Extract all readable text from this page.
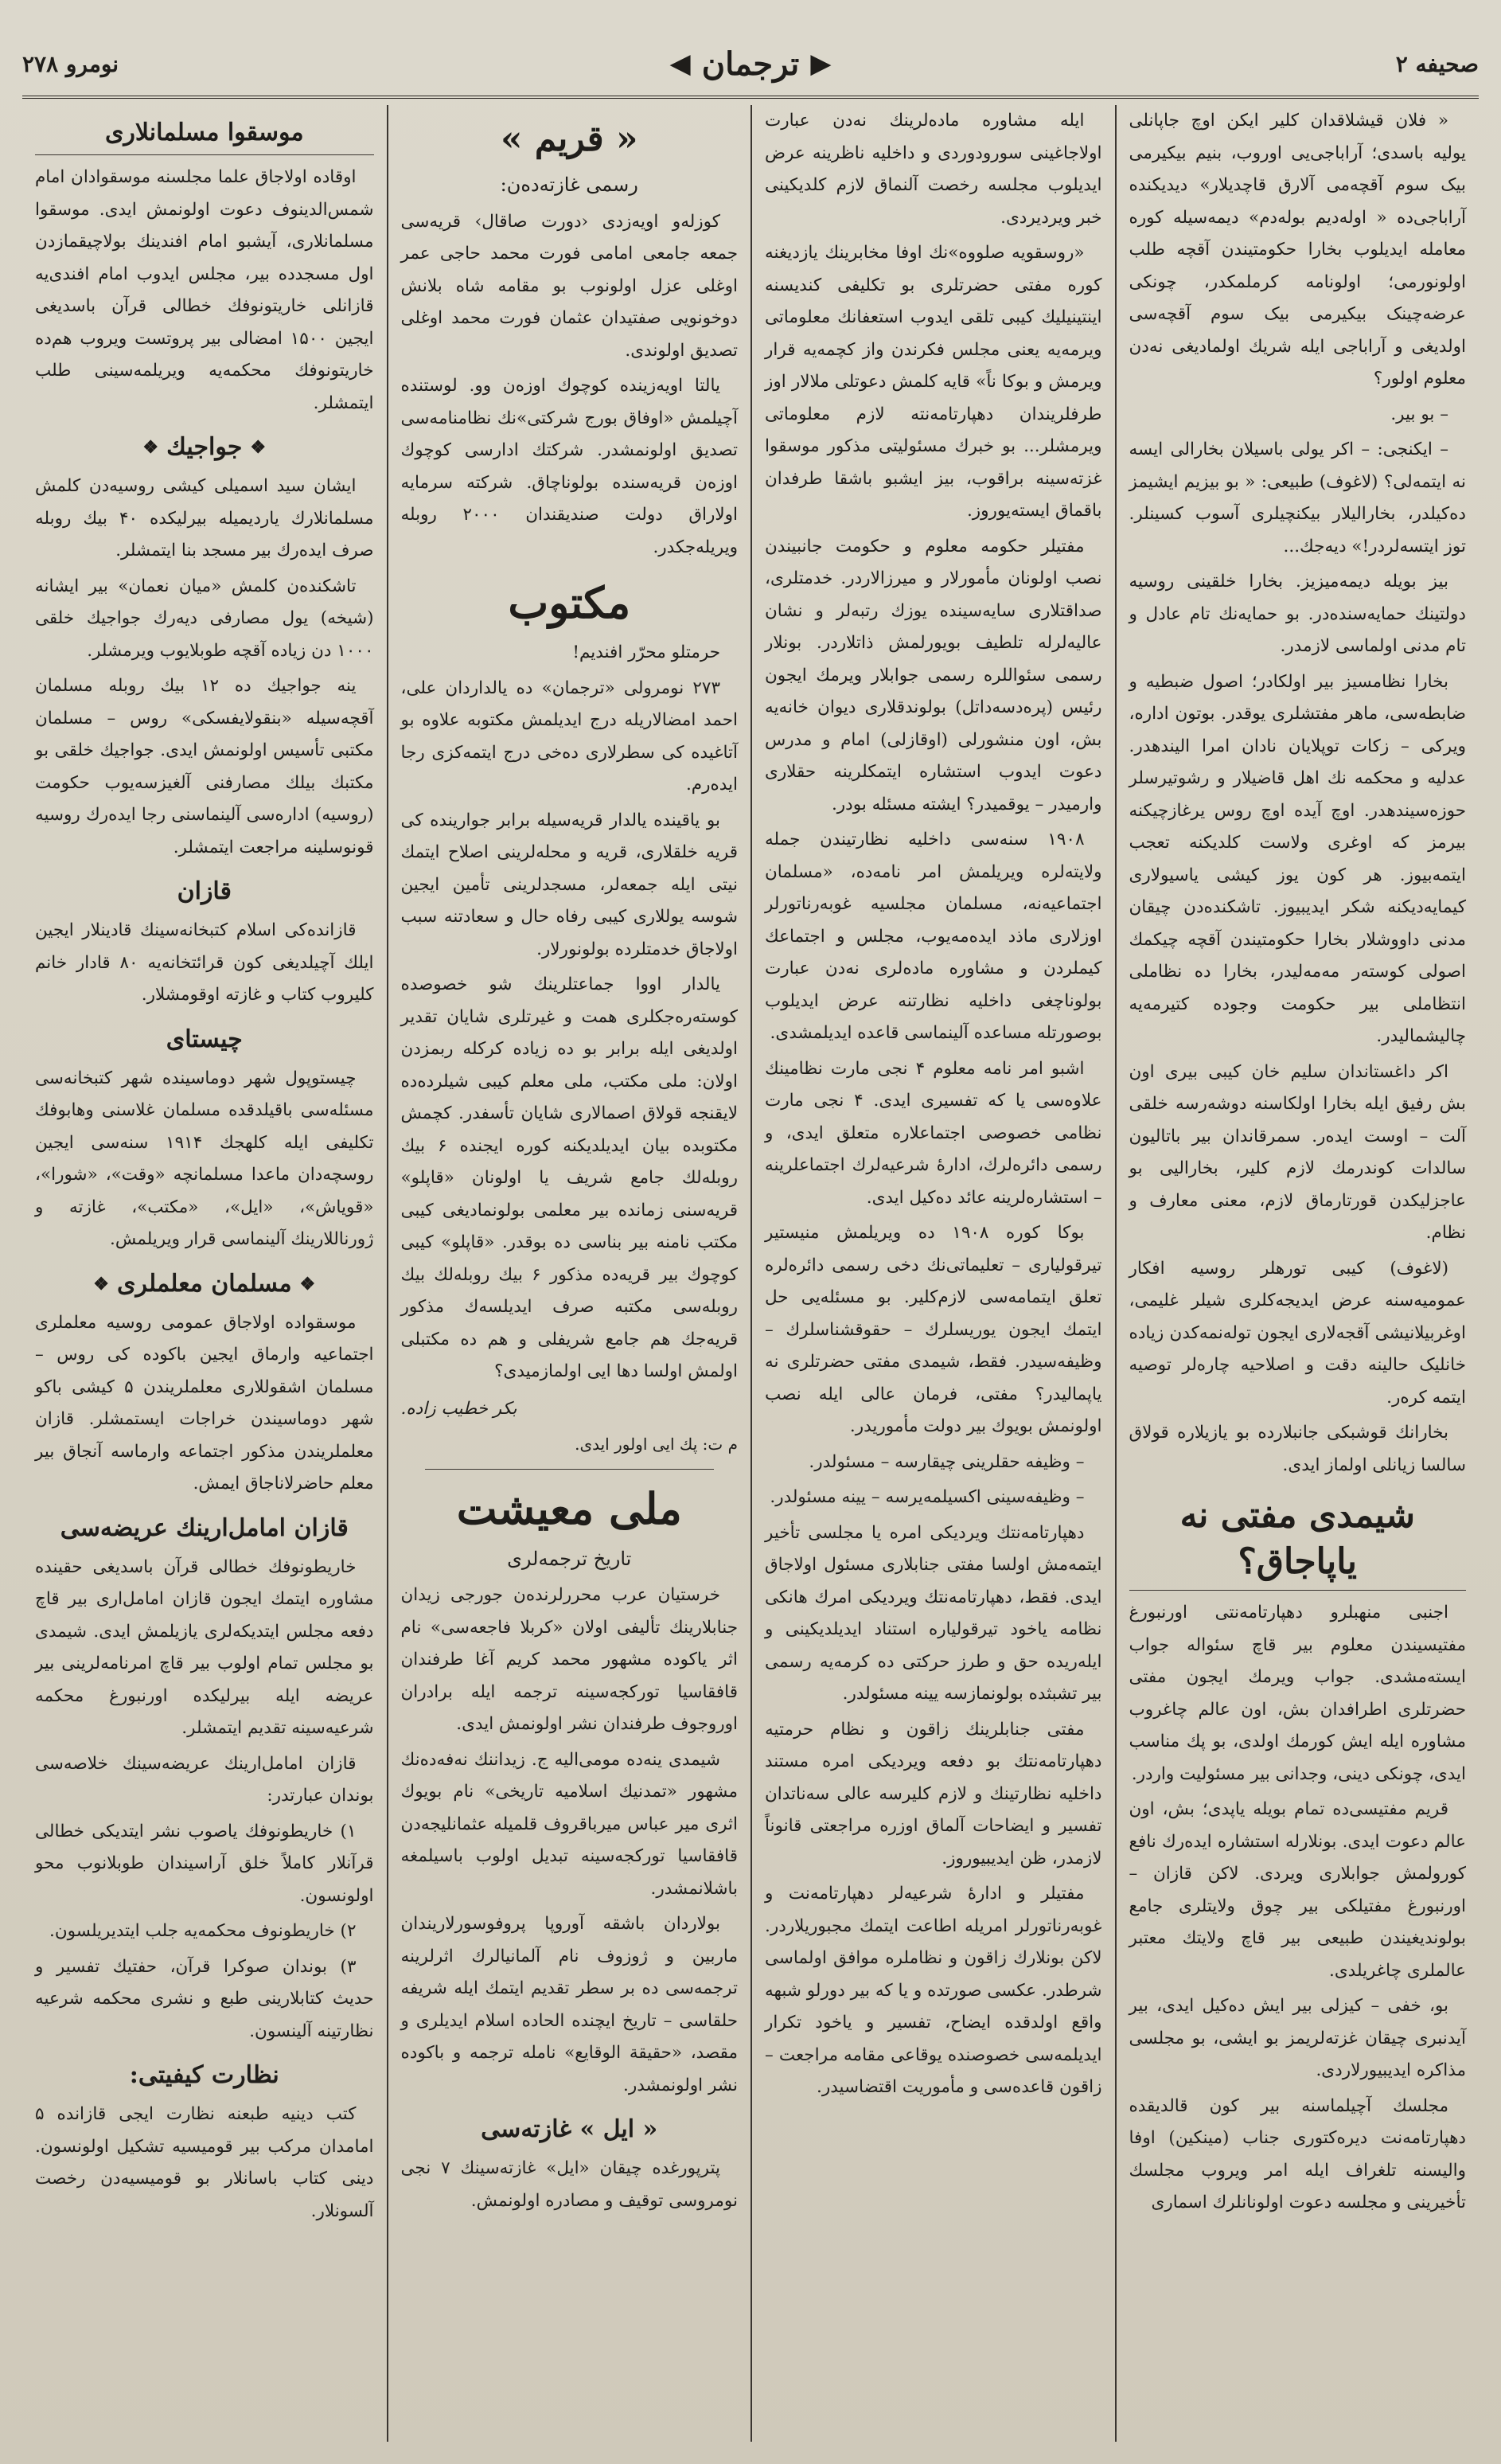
صحیفه ۲
▶
ترجمان
◀
نومرو ۲۷۸

« فلان قیشلاقدان کلیر ایکن اوچ جاپانلی یولیه باسدی؛ آراباجی‌یی اوروب، بنیم بیکیرمی بیک سوم آقچه‌می آلارق قاچدیلار» دیدیکنده آراباجی‌ده « اوله‌دیم بوله‌دم» دیمه‌سیله کوره معامله ایدیلوب بخارا حکومتیندن آقچه طلب اولونورمی؛ اولونامه کرملمکدر، چونکی عرضه‌چینک بیکیرمی بیک سوم آقچه‌سی اولدیغی و آراباجی ایله شریك اولمادیغی نه‌دن معلوم اولور؟

– بو بیر.

– ایکنجی: – اکر یولی باسیلان بخارالی ایسه نه ایتمه‌لی؟ (لاغوف) طبیعی: « بو بیزیم ایشیمز ده‌کیلدر، بخارالیلار بیکنچیلری آسوب کسینلر. توز ایتسه‌لر‌در!» دیه‌جك...

بیز بویله دیمه‌میزیز. بخارا خلقینی روسیه دولتینك حمایه‌سنده‌در. بو حمایه‌نك تام عادل و تام مدنی اولماسی لازمدر.

بخارا نظامسیز بیر اولکادر؛ اصول ضبطیه و ضابطه‌سی، ماهر مفتشلری یوقدر. بوتون اداره، ویرکی – زکات توپلایان نادان امرا الیندهدر. عدلیه و محکمه نك اهل قاضیلار و رشوتیرسلر حوزه‌سیندهدر. اوچ آیده اوچ روس یرغازچیکنه بیرمز که اوغری ولاست کلدیکنه تعجب ایتمه‌بیوز. هر کون یوز کیشی یاسیولاری کیمایه‌دیکنه شکر ایدیبیوز. تاشکنده‌دن چیقان مدنی داووشلار بخارا حکومتیندن آقچه چیکمك اصولی کوسته‌ر مه‌مه‌لیدر، بخارا ده نظاملی انتظاملی بیر حکومت وجوده کتیرمه‌یه چالیشمالیدر.

اکر داغستاندان سلیم خان کیبی بیری اون بش رفیق ایله بخارا اولکاسنه دوشه‌رسه خلقی آلت – اوست ایده‌ر. سمرقاندان بیر باتالیون سالدات کوندرمك لازم کلیر، بخارالیی بو عاجزلیکدن قورتارماق لازم، معنی معارف و نظام.

(لاغوف) کیبی تورهلر روسیه افکار عمومیه‌سنه عرض ایدیجه‌کلری شیلر غلیمی، اوغربیلانیشی آقجه‌لاری ایجون توله‌نمه‌کدن زیاده خانلیک حالینه دقت و اصلاحیه چاره‌لر توصیه ایتمه کره‌ر.

بخارانك قوشبکی جانبلارده بو یازیلاره قولاق سالسا زیانلی اولماز ایدی.

شیمدی مفتی نه یاپاجاق؟

اجنبی منهبلرو دهپارتامه‌نتی اورنبورغ مفتیسیندن معلوم بیر قاچ سئواله جواب ایسته‌مشدی. جواب ویرمك ایجون مفتی حضرتلری اطرافدان بش، اون عالم چاغروب مشاوره ایله ایش کورمك اولدی، بو پك مناسب ایدی، چونکی دینی، وجدانی بیر مسئولیت واردر.

قریم مفتیسی‌ده تمام بویله یاپدی؛ بش، اون عالم دعوت ایدی. بونلارله استشاره ایده‌رك نافع کورولمش جوابلاری ویردی. لاکن قازان – اورنبورغ مفتیلکی بیر چوق ولایتلری جامع بولوندیغیندن طبیعی بیر قاچ ولایتك معتبر عالملری چاغریلدی.

بو، خفی – کیزلی بیر ایش ده‌کیل ایدی، بیر آیدنبری چیقان غزته‌لریمز بو ایشی، بو مجلسی مذاکره ایدیبیورلاردی.

مجلسك آچیلماسنه بیر کون قالدیقده دهپارتامه‌نت دیره‌کتوری جناب (مینکین) اوفا والیسنه تلغراف ایله امر ویروب مجلسك تأخیرینی و مجلسه دعوت اولونانلرك اسماری

ایله مشاوره ماده‌لرینك نه‌دن عبارت اولاجاغینی سورودوردی و داخلیه ناظرینه عرض ایدیلوب مجلسه رخصت آلنماق لازم کلدیکینی خبر ویردیردی.

«روسقویه صلووه»نك اوفا مخابرینك یازدیغنه کوره مفتی حضرتلری بو تکلیفی کندیسنه اینتینیلیك کیبی تلقی ایدوب استعفانك معلوماتی ویرمه‌یه یعنی مجلس فکرندن واز کچمه‌یه قرار ویرمش و بوکا ناً» قایه کلمش دعوتلی ملالار اوز طرفلریندان دهپارتامه‌نته لازم معلوماتی ویرمشلر... بو خبرك مسئولیتی مذکور موسقوا غزته‌سینه براقوب، بیز ایشبو باشقا طرفدان باقماق ایسته‌یوروز.

مفتیلر حکومه معلوم و حکومت جانبیندن نصب اولونان مأمورلار و میرزالاردر. خدمتلری، صداقتلاری سایه‌سینده یوزك رتبه‌لر و نشان عالیه‌لرله تلطیف بویورلمش ذاتلاردر. بونلار رسمی سئواللره رسمی جوابلار ویرمك ایجون رئیس (پره‌دسه‌داتل) بولوندقلاری دیوان خانه‌یه بش، اون منشورلی (اوقازلی) امام و مدرس دعوت ایدوب استشاره ایتمکلرینه حقلاری وارمیدر – یوقمیدر؟ ایشته مسئله بودر.

۱۹۰۸ سنه‌سی داخلیه نظارتیندن جمله ولایته‌لره ویریلمش امر نامه‌ده، «مسلمان اجتماعیه‌نه، مسلمان مجلسیه غوبه‌رناتورلر اوزلاری ماذد ایده‌مه‌یوب، مجلس و اجتماعك کیملر‌دن و مشاوره ماده‌لری نه‌دن عبارت بولوناچغی داخلیه نظارتنه عرض ایدیلوب بوصورتله مساعده آلینماسی قاعده ایدیلمشدی.

اشبو امر نامه معلوم ۴ نجی مارت نظامینك علاوه‌سی یا که تفسیری ایدی. ۴ نجی مارت نظامی خصوصی اجتماعلاره متعلق ایدی، و رسمی دائره‌لرك، ادارهٔ شرعیه‌لرك اجتماعلرینه – استشاره‌لرینه عائد ده‌کیل ایدی.

بوکا کوره ۱۹۰۸ ده ویریلمش منیستیر تیرقولیاری – تعلیماتی‌نك دخی رسمی دائره‌لره تعلق ایتمامه‌سی لازم‌کلیر. بو مسئله‌یی حل ایتمك ایجون یوریسلرك – حقوقشناسلرك – وظیفه‌سیدر. فقط، شیمدی مفتی حضرتلری نه یاپمالیدر؟ مفتی، فرمان عالی ایله نصب اولونمش بویوك بیر دولت مأموریدر.

– وظیفه حقلرینی چیقارسه – مسئولدر.

– وظیفه‌سینی اکسیلمه‌یرسه – یینه مسئولدر.

دهپارتامه‌نتك ویردیکی امره یا مجلسی تأخیر ایتمه‌مش اولسا مفتی جنابلاری مسئول اولاجاق ایدی. فقط، دهپارتامه‌نتك ویردیکی امرك هانکی نظامه یاخود تیرقولیاره استناد ایدیلدیکینی و ایله‌ریده حق و طرز حرکتی ده کرمه‌یه رسمی بیر تشبثده بولونمازسه یینه مسئولدر.

مفتی جنابلرینك زاقون و نظام حرمتیه دهپارتامه‌نتك بو دفعه ویردیکی امره مستند داخلیه نظارتینك و لازم کلیرسه عالی سه‌ناتدان تفسیر و ایضاحات آلماق اوزره مراجعتی قانوناً لازمدر، ظن ایدیبیوروز.

مفتیلر و اداره‌ٔ شرعیه‌لر دهپارتامه‌نت و غوبه‌رناتورلر امریله اطاعت ایتمك مجبوریلاردر. لاکن بونلارك زاقون و نظاملره موافق اولماسی شرطدر. عکسی صورتده و یا که بیر دورلو شبهه واقع اولدقده ایضاح، تفسیر و یاخود تکرار ایدیلمه‌سی خصوصنده یوقاعی مقامه مراجعت – زاقون قاعده‌سی و مأموریت اقتضاسیدر.

« قریم »
رسمی غازته‌ده‌ن:

کوزله‌و اویه‌زدی ‹دورت صاقال› قریه‌سی جمعه جامعی امامی فورت محمد حاجی عمر اوغلی عزل اولونوب بو مقامه شاه بلانش دوخونویی صفتیدان عثمان فورت محمد اوغلی تصدیق اولوندی.

یالتا اویه‌زینده کوچوك اوزه‌ن وو. لوستنده آچیلمش «اوفاق بورج شرکتی»نك نظامنامه‌سی تصدیق اولونمشدر. شرکتك ادارسی کوچوك اوزه‌ن قریه‌سنده بولوناچاق. شرکته سرمایه اولاراق دولت صندیقندان ۲۰۰۰ روبله ویریله‌جکدر.

مکتوب

حرمتلو محرّر افندیم!

۲۷۳ نومرولی «ترجمان» ده یالداردان علی، احمد امضالاریله درج ایدیلمش مکتوبه علاوه بو آتاغیده کی سطرلاری ده‌خی درج ایتمه‌کزی رجا ایده‌رم.

بو یاقینده یالدار قریه‌سیله برابر جوارینده کی قریه خلقلاری، قریه و محله‌لرینی اصلاح ایتمك نیتی ایله جمعه‌لر، مسجدلرینی تأمین ایجین شوسه یوللاری کیبی رفاه حال و سعادتنه سبب اولاجاق خدمتلرده بولونورلار.

یالدار اووا جماعتلرینك شو خصوصده کوسته‌ره‌جکلری همت و غیرتلری شایان تقدیر اولدیغی ایله برابر بو ده زیاده کرکله ربمزدن اولان: ملی مکتب، ملی معلم کیبی شیلرده‌ده لایقنجه قولاق اصمالاری شایان تأسفدر. کچمش مکتوبده بیان ایدیلدیکنه کوره ایجنده ۶ بیك روبله‌لك جامع شریف یا اولونان «قاپلو» قریه‌سنی زمانده بیر معلمی بولونمادیغی کیبی مکتب نامنه بیر بناسی ده بوقدر. «قاپلو» کیبی کوچوك بیر قریه‌ده مذکور ۶ بیك روبله‌لك بیك روبله‌سی مکتبه صرف ایدیلسه‌ك مذکور قریه‌جك هم جامع شریفلی و هم ده مکتبلی اولمش اولسا دها ایی اولمازمیدی؟

بکر خطیب زاده.
م ت: پك ایی اولور ایدی.
ملی معیشت
تاریخ ترجمه‌لری

خرستیان عرب محررلرنده‌ن جورجی زیدان جنابلارینك تألیفی اولان «کربلا فاجعه‌سی» نام اثر یاکوده مشهور محمد کریم آغا طرفندان قافقاسیا تورکجه‌سینه ترجمه ایله برادران اوروجوف طرفندان نشر اولونمش ایدی.

شیمدی ینه‌ده مومی‌الیه ج. زیداننك نه‌فه‌ده‌نك مشهور «تمدنیك اسلامیه تاریخی» نام بویوك اثری میر عباس میرباقروف قلمیله عثمانلیجه‌دن قافقاسیا تورکجه‌سینه تبدیل اولوب باسیلمغه باشلانمشدر.

بولاردان باشقه آوروپا پروفوسورلاریندان ماربین و ژوزوف نام آلمانیالرك اثرلرینه ترجمه‌سی ده بر سطر تقدیم ایتمك ایله شریفه حلقاسی – تاریخ ایچنده الحاده اسلام ایدیلری و مقصد، «حقیقة الوقایع» نامله ترجمه و باکوده نشر اولونمشدر.

« ایل » غازته‌سی

پترپورغده چیقان «ایل» غازته‌سینك ۷ نجی نومروسی توقیف و مصادره اولونمش.

موسقوا مسلمانلاری

اوقاده اولاجاق علما مجلسنه موسقوادان امام شمس‌الدینوف دعوت اولونمش ایدی. موسقوا مسلمانلاری، آیشبو امام افندینك بولاچیقماز‌دن اول مسجدده بیر، مجلس ایدوب امام افندی‌یه قازانلی خاریتونوفك خطالی قرآن باسدیغی ایجین ۱۵۰۰ امضالی بیر پروتست ویروب هم‌ده خاریتونوفك محکمه‌یه ویریلمه‌سینی طلب ایتمشلر.

❖
جواجیك
❖

ایشان سید اسمیلی کیشی روسیه‌دن کلمش مسلمانلارك یاردیمیله بیرلیکده ۴۰ بیك روبله صرف ایده‌رك بیر مسجد بنا ایتمشلر.

تاشکنده‌ن کلمش «میان نعمان» بیر ایشانه (شیخه) یول مصارفی دیه‌رك جواجیك خلقی ۱۰۰۰ دن زیاده آقچه طوبلایوب ویرمشلر.

ینه جواجیك ده ۱۲ بیك روبله مسلمان آقچه‌سیله «بنقولایفسکی» روس – مسلمان مکتبی تأسیس اولونمش ایدی. جواجیك خلقی بو مکتبك بیلك مصارفنی آلغیزسه‌یوب حکومت (روسیه) اداره‌سی آلینماسنی رجا ایده‌رك روسیه قونوسلینه مراجعت ایتمشلر.

قازان

قازانده‌کی اسلام کتبخانه‌سینك قادینلار ایجین ایلك آچیلدیغی کون قرائتخانه‌یه ۸۰ قادار خانم کلیروب کتاب و غازته اوقومشلار.

چیستای

چیستوپول شهر دوماسینده شهر کتبخانه‌سی مسئله‌سی باقیلدقده مسلمان غلاسنی وهابوفك تکلیفی ایله کلهجك ۱۹۱۴ سنه‌سی ایجین روسچه‌دان ماعدا مسلمانچه «وقت»، «شورا»، «قویاش»، «ایل»، «مکتب»، غازته و ژورناللارینك آلینماسی قرار ویریلمش.

❖
مسلمان معلملری
❖

موسقواده اولاجاق عمومی روسیه معلملری اجتماعیه وارماق ایجین باکوده کی روس – مسلمان اشقوللاری معلملریندن ۵ کیشی باکو شهر دوماسیندن خراجات ایستمشلر. قازان معلملریندن مذکور اجتماعه وارماسه آنجاق بیر معلم حاضرلاناجاق ایمش.

قازان امامل‌ارینك عریضه‌سی

خاریطونوفك خطالی قرآن باسدیغی حقینده مشاوره ایتمك ایجون قازان امامل‌اری بیر قاچ دفعه مجلس ایتدیکه‌لری یازیلمش ایدی. شیمدی بو مجلس تمام اولوب بیر قاچ امرنامه‌لرینی بیر عریضه ایله بیرلیکده اورنبورغ محکمه شرعیه‌سینه تقدیم ایتمشلر.

قازان امامل‌ارینك عریضه‌سینك خلاصه‌سی بوندان عبارتدر:

۱) خاریطونوفك یاصوب نشر ایتدیکی خطالی قرآنلار کاملاً خلق آراسیندان طوبلانوب محو اولونسون.

۲) خاریطونوف محکمه‌یه جلب ایتدیریلسون.

۳) بوندان صوکرا قرآن، حفتیك تفسیر و حدیث کتابلارینی طبع و نشری محکمه شرعیه نظارتینه آلینسون.

نظارت کیفیتی:

کتب دینیه طبعنه نظارت ایجی قازانده ۵ امامدان مرکب بیر قومیسیه تشکیل اولونسون. دینی کتاب باسانلار بو قومیسیه‌دن رخصت آلسونلار.
